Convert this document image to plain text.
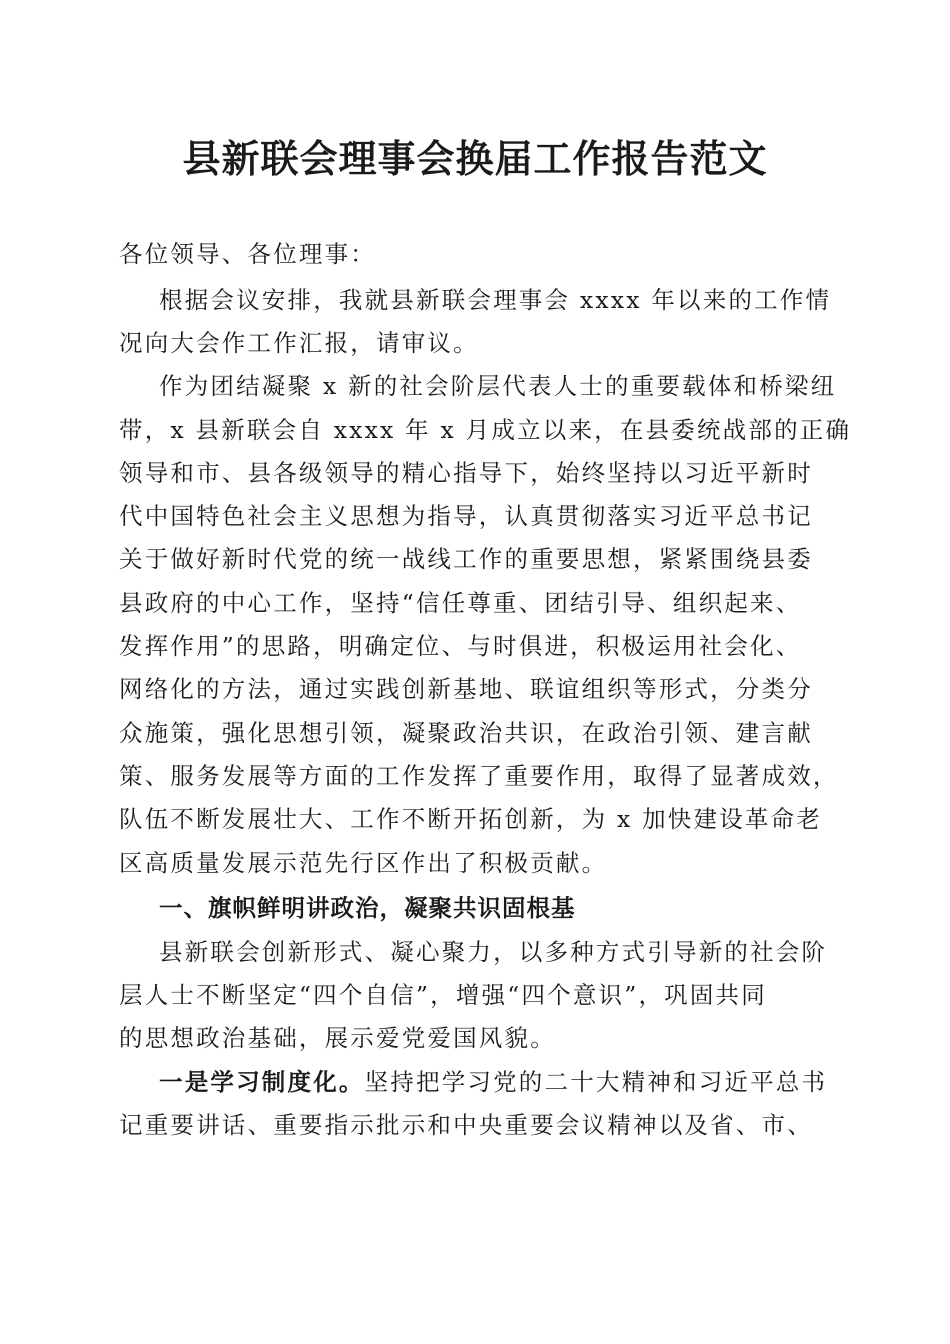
县新联会理事会换届工作报告范文
各位领导、各位理事：
根据会议安排，我就县新联会理事会 xxxx 年以来的工作情
况向大会作工作汇报，请审议。
作为团结凝聚 x 新的社会阶层代表人士的重要载体和桥梁纽
带，x 县新联会自 xxxx 年 x 月成立以来，在县委统战部的正确
领导和市、县各级领导的精心指导下，始终坚持以习近平新时
代中国特色社会主义思想为指导，认真贯彻落实习近平总书记
关于做好新时代党的统一战线工作的重要思想，紧紧围绕县委
县政府的中心工作，坚持“信任尊重、团结引导、组织起来、
发挥作用”的思路，明确定位、与时俱进，积极运用社会化、
网络化的方法，通过实践创新基地、联谊组织等形式，分类分
众施策，强化思想引领，凝聚政治共识，在政治引领、建言献
策、服务发展等方面的工作发挥了重要作用，取得了显著成效，
队伍不断发展壮大、工作不断开拓创新，为 x 加快建设革命老
区高质量发展示范先行区作出了积极贡献。
一、旗帜鲜明讲政治，凝聚共识固根基
县新联会创新形式、凝心聚力，以多种方式引导新的社会阶
层人士不断坚定“四个自信”，增强“四个意识”，巩固共同
的思想政治基础，展示爱党爱国风貌。
一是学习制度化。坚持把学习党的二十大精神和习近平总书
记重要讲话、重要指示批示和中央重要会议精神以及省、市、
